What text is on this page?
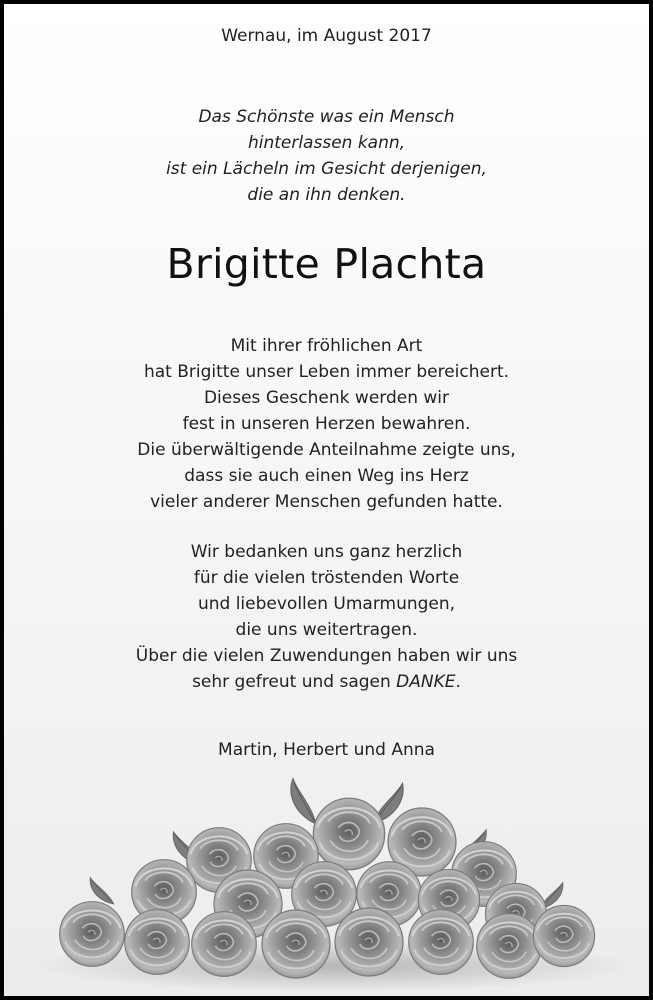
Wernau, im August 2017
Das Schönste was ein Mensch
hinterlassen kann,
ist ein Lächeln im Gesicht derjenigen,
die an ihn denken.
Brigitte Plachta
Mit ihrer fröhlichen Art
hat Brigitte unser Leben immer bereichert.
Dieses Geschenk werden wir
fest in unseren Herzen bewahren.
Die überwältigende Anteilnahme zeigte uns,
dass sie auch einen Weg ins Herz
vieler anderer Menschen gefunden hatte.
Wir bedanken uns ganz herzlich
für die vielen tröstenden Worte
und liebevollen Umarmungen,
die uns weitertragen.
Über die vielen Zuwendungen haben wir uns
sehr gefreut und sagen DANKE.
Martin, Herbert und Anna
